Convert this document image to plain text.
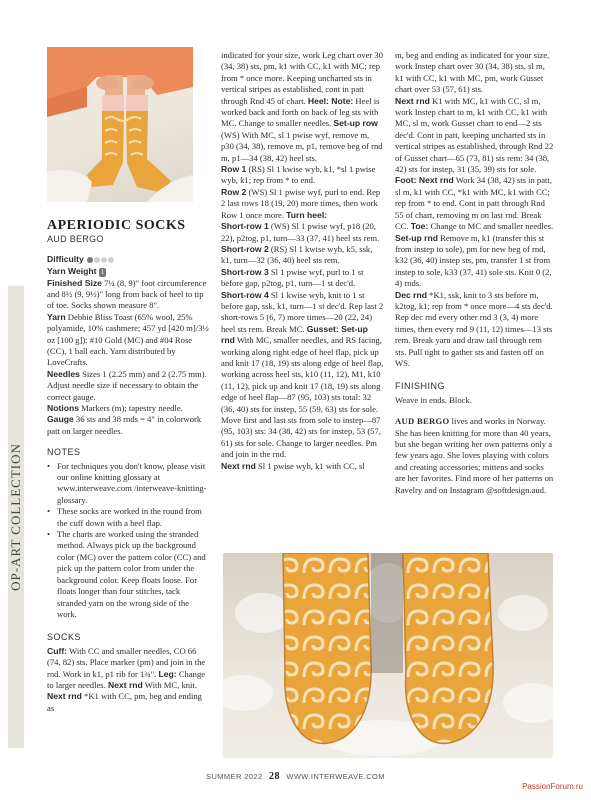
OP-ART COLLECTION
APERIODIC SOCKS
AUD BERGO
Difficulty
Yarn Weight 1
Finished Size 7¼ (8, 9)" foot circumference and 8½ (9, 9½)" long from back of heel to tip of toe. Socks shown measure 8".
Yarn Debbie Bliss Toast (65% wool, 25% polyamide, 10% cashmere; 457 yd [420 m]/3½ oz [100 g]): #10 Gold (MC) and #04 Rose (CC), 1 ball each. Yarn distributed by LoveCrafts.
Needles Sizes 1 (2.25 mm) and 2 (2.75 mm). Adjust needle size if necessary to obtain the correct gauge.
Notions Markers (m); tapestry needle.
Gauge 36 sts and 38 rnds = 4" in colorwork patt on larger needles.
NOTES
• For techniques you don't know, please visit our online knitting glossary at www.interweave.com /interweave-knitting-glossary.
• These socks are worked in the round from the cuff down with a heel flap.
• The charts are worked using the stranded method. Always pick up the background color (MC) over the pattern color (CC) and pick up the pattern color from under the background color. Keep floats loose. For floats longer than four stitches, tack stranded yarn on the wrong side of the work.
SOCKS
Cuff: With CC and smaller needles, CO 66 (74, 82) sts. Place marker (pm) and join in the rnd. Work in k1, p1 rib for 1¾". Leg: Change to larger needles. Next rnd With MC, knit. Next rnd *K1 with CC, pm, beg and ending as
indicated for your size, work Leg chart over 30 (34, 38) sts, pm, k1 with CC, k1 with MC; rep from * once more. Keeping uncharted sts in vertical stripes as established, cont in patt through Rnd 45 of chart. Heel: Note: Heel is worked back and forth on back of leg sts with MC. Change to smaller needles. Set-up row (WS) With MC, sl 1 pwise wyf, remove m, p30 (34, 38), remove m, p1, remove beg of rnd m, p1—34 (38, 42) heel sts.
Row 1 (RS) Sl 1 kwise wyb, k1, *sl 1 pwise wyb, k1; rep from * to end.
Row 2 (WS) Sl 1 pwise wyf, purl to end. Rep 2 last rows 18 (19, 20) more times, then work Row 1 once more. Turn heel:
Short-row 1 (WS) Sl 1 pwise wyf, p18 (20, 22), p2tog, p1, turn—33 (37, 41) heel sts rem.
Short-row 2 (RS) Sl 1 kwise wyb, k5, ssk, k1, turn—32 (36, 40) heel sts rem.
Short-row 3 Sl 1 pwise wyf, purl to 1 st before gap, p2tog, p1, turn—1 st dec'd.
Short-row 4 Sl 1 kwise wyb, knit to 1 st before gap, ssk, k1, turn—1 st dec'd. Rep last 2 short-rows 5 (6, 7) more times—20 (22, 24) heel sts rem. Break MC. Gusset: Set-up rnd With MC, smaller needles, and RS facing, working along right edge of heel flap, pick up and knit 17 (18, 19) sts along edge of heel flap, working across heel sts, k10 (11, 12), M1, k10 (11, 12), pick up and knit 17 (18, 19) sts along edge of heel flap—87 (95, 103) sts total: 32 (36, 40) sts for instep, 55 (59, 63) sts for sole. Move first and last sts from sole to instep—87 (95, 103) sts: 34 (38, 42) sts for instep, 53 (57, 61) sts for sole. Change to larger needles. Pm and join in the rnd.
Next rnd Sl 1 pwise wyb, k1 with CC, sl
m, beg and ending as indicated for your size, work Instep chart over 30 (34, 38) sts, sl m, k1 with CC, k1 with MC, pm, work Gusset chart over 53 (57, 61) sts.
Next rnd K1 with MC, k1 with CC, sl m, work Instep chart to m, k1 with CC, k1 with MC, sl m, work Gusset chart to end—2 sts dec'd. Cont in patt, keeping uncharted sts in vertical stripes as established, through Rnd 22 of Gusset chart—65 (73, 81) sts rem: 34 (38, 42) sts for instep, 31 (35, 39) sts for sole. Foot: Next rnd Work 34 (38, 42) sts in patt, sl m, k1 with CC, *k1 with MC, k1 with CC; rep from * to end. Cont in patt through Rnd 55 of chart, removing m on last rnd. Break CC. Toe: Change to MC and smaller needles. Set-up rnd Remove m, k1 (transfer this st from instep to sole), pm for new beg of rnd, k32 (36, 40) instep sts, pm, transfer 1 st from instep to sole, k33 (37, 41) sole sts. Knit 0 (2, 4) rnds.
Dec rnd *K1, ssk, knit to 3 sts before m, k2tog, k1; rep from * once more—4 sts dec'd. Rep dec rnd every other rnd 3 (3, 4) more times, then every rnd 9 (11, 12) times—13 sts rem. Break yarn and draw tail through rem sts. Pull tight to gather sts and fasten off on WS.
FINISHING
Weave in ends. Block.
AUD BERGO lives and works in Norway. She has been knitting for more than 40 years, but she began writing her own patterns only a few years ago. She loves playing with colors and creating accessories; mittens and socks are her favorites. Find more of her patterns on Ravelry and on Instagram @softdesign.aud.
SUMMER 2022 28 WWW.INTERWEAVE.COM
PassionForum.ru
